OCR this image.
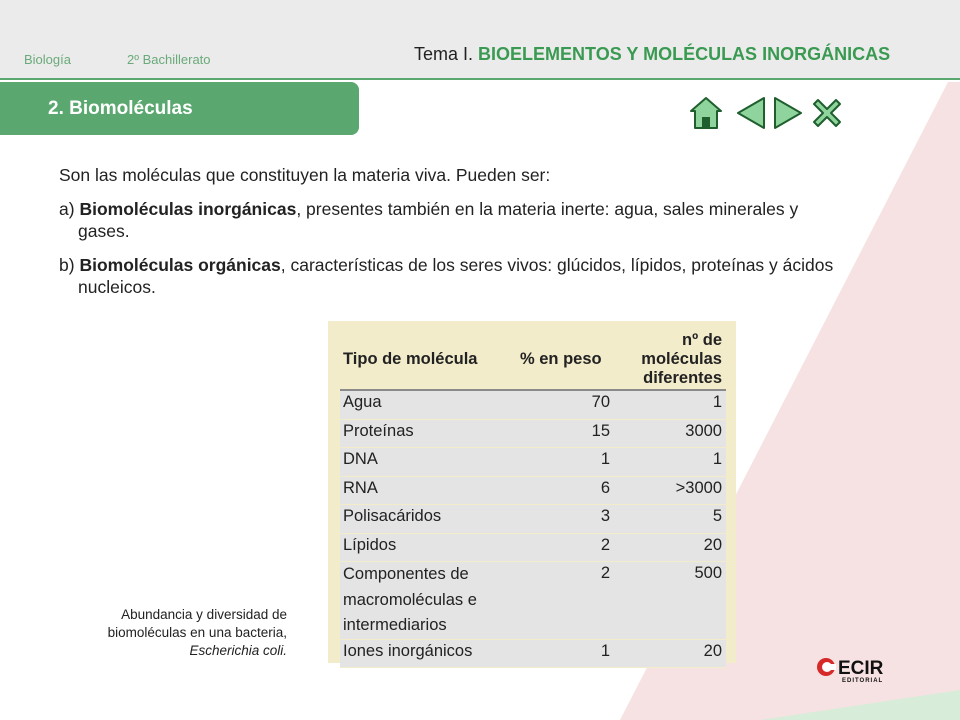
Biología	2º Bachillerato	Tema I. BIOELEMENTOS Y MOLÉCULAS INORGÁNICAS
2. Biomoléculas

Son las moléculas que constituyen la materia viva. Pueden ser:

a) Biomoléculas inorgánicas, presentes también en la materia inerte: agua, sales minerales y gases.

b) Biomoléculas orgánicas, características de los seres vivos: glúcidos, lípidos, proteínas y ácidos nucleicos.

Tipo de molécula	% en peso	nº de moléculas diferentes
Agua	70	1
Proteínas	15	3000
DNA	1	1
RNA	6	>3000
Polisacáridos	3	5
Lípidos	2	20
Componentes de macromoléculas e intermediarios	2	500
Iones inorgánicos	1	20
Abundancia y diversidad de biomoléculas en una bacteria, Escherichia coli.
ECIR
EDITORIAL
